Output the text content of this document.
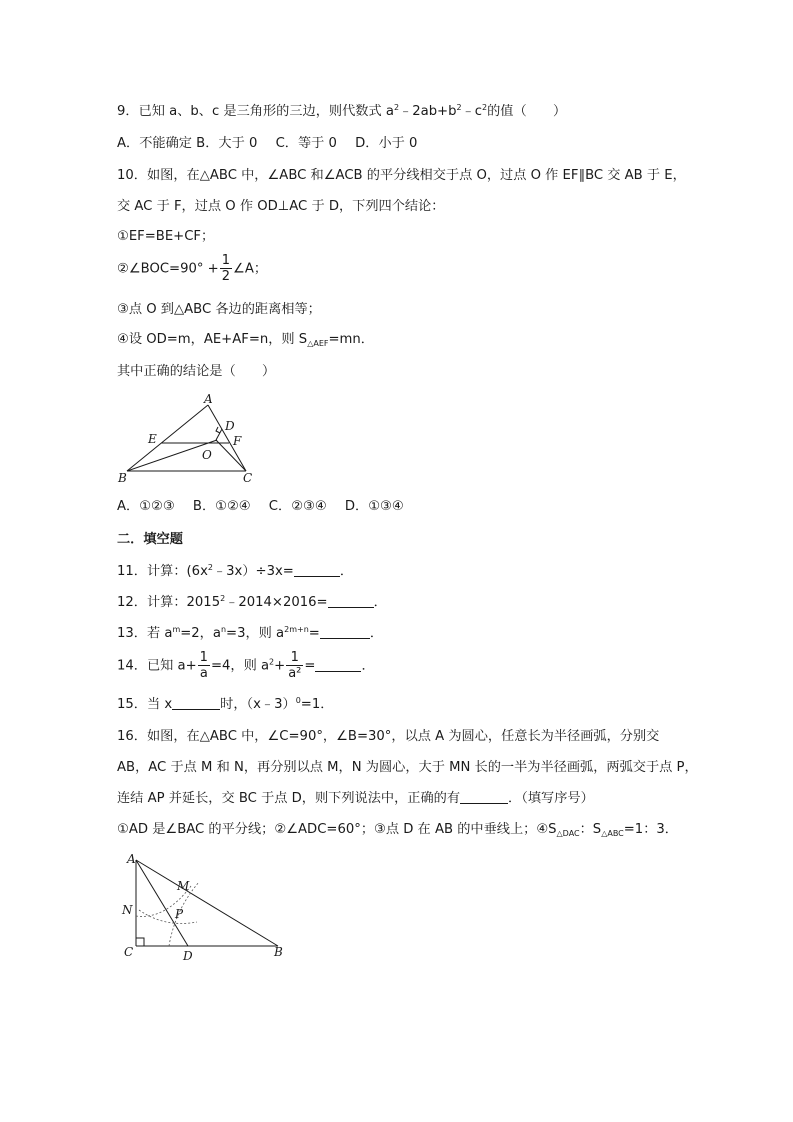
9．已知 a、b、c 是三角形的三边，则代数式 $a^2﹣2ab+b^2﹣c^2$的值（　　）
A．不能确定 B．大于 0 C．等于 0 D．小于 0
10．如图，在△ABC 中，∠ABC 和∠ACB 的平分线相交于点 O，过点 O 作 EF∥BC 交 AB 于 E，
交 AC 于 F，过点 O 作 OD⊥AC 于 D，下列四个结论：
①EF=BE+CF；
②∠BOC=90° + $\frac{1}{2}$ ∠A；
③点 O 到△ABC 各边的距离相等；
④设 OD=m，AE+AF=n，则 $S_{\triangle AEF}=mn$．
其中正确的结论是（　　）
A
B	C
D
E	F
O
A．①②③ B．①②④ C．②③④ D．①③④
二．填空题
11．计算：$(6x^2﹣3x)\div 3x=$	．
12．计算：$2015^2﹣2014\times 2016=$	．
13．若 $a^m=2$，$a^n=3$，则 $a^{2m+n}=$	．
14．已知 $a+ \frac{1}{a} =4$，则 $a^2+ \frac{1}{\text{a²}}$ =	．
15．当 x	时，（x﹣3）$^0$=1．
16．如图，在△ABC 中，∠C=90°，∠B=30°，以点 A 为圆心，任意长为半径画弧，分别交
AB，AC 于点 M 和 N，再分别以点 M，N 为圆心，大于 MN 长的一半为半径画弧，两弧交于点 P，
连结 AP 并延长，交 BC 于点 D，则下列说法中，正确的有	．（填写序号）
①AD 是∠BAC 的平分线；②∠ADC=60°；③点 D 在 AB 的中垂线上；$④S_{\triangle DAC}$：$S_{\triangle ABC}=1$：3．
A
N
M
P
C	D	B
